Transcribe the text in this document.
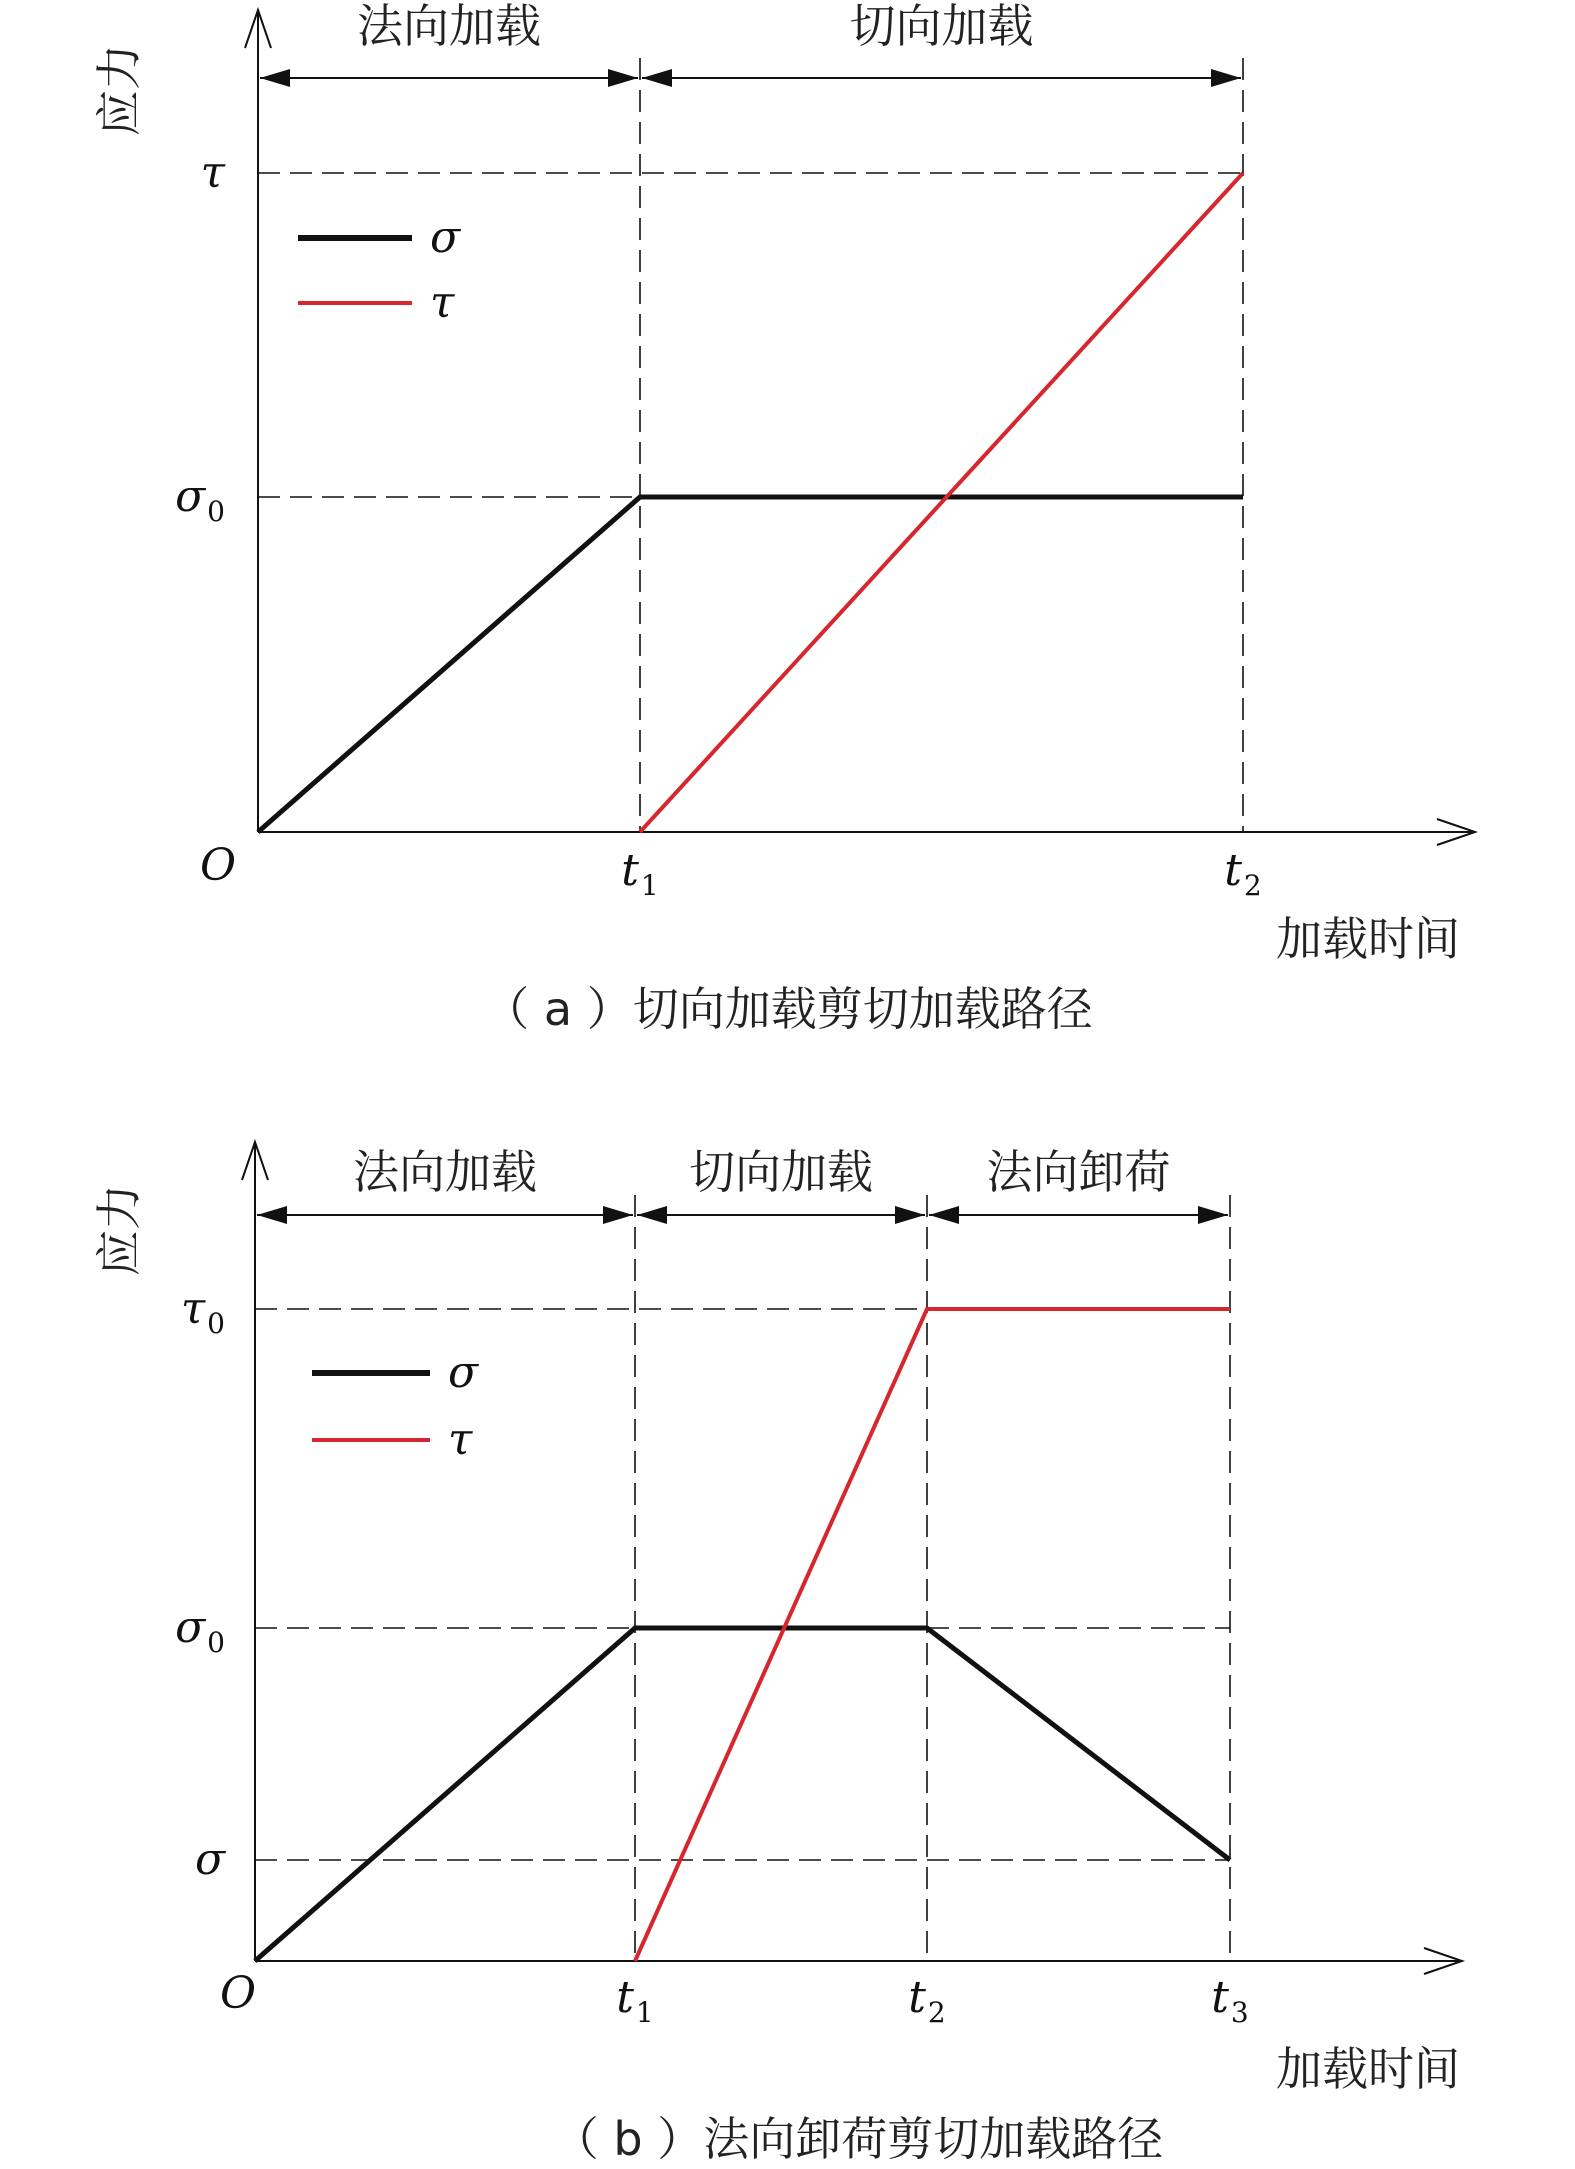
法向加载	切向加载
σ
τ
$\sigma_0$
τ
$t_1$	$t_2$
O
应力
加载时间
（ a ）切向加载剪切加载路径
法向加载	切向加载 法向卸荷
σ
τ
σ
$\sigma_0$
$\tau_0$
$t_1$	$t_2$	$t_3$
O
应力
加载时间
（ b ）法向卸荷剪切加载路径
